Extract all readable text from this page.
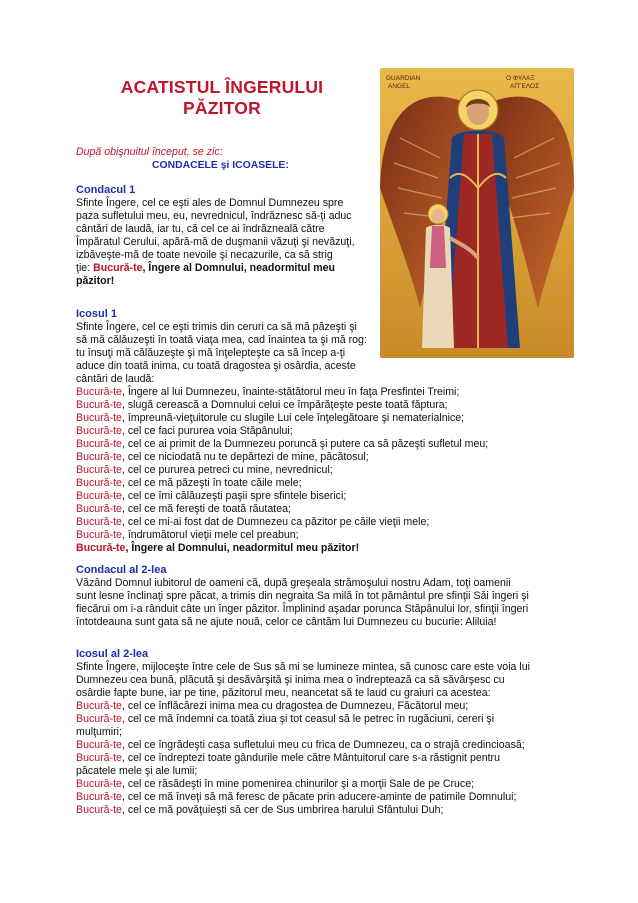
ACATISTUL ÎNGERULUI
PĂZITOR
GUARDIAN
ANGEL
Ο ΦΥΛΑΞ
ΑΓΓΕΛΟΣ
După obişnuitul început, se zic:
CONDACELE şi ICOASELE:

Condacul 1

Sfinte Îngere, cel ce eşti ales de Domnul Dumnezeu spre
paza sufletului meu, eu, nevrednicul, îndrăznesc să-ţi aduc
cântări de laudă, iar tu, că cel ce ai îndrăzneală către
Împăratul Cerului, apără-mă de duşmanii văzuţi şi nevăzuţi,
izbăveşte-mă de toate nevoile şi necazurile, ca să strig
ţie: Bucură-te, Îngere al Domnului, neadormitul meu
păzitor!

Icosul 1

Sfinte Îngere, cel ce eşti trimis din ceruri ca să mă păzeşti şi
să mă călăuzeşti în toată viaţa mea, cad înaintea ta şi mă rog:
tu însuţi mă călăuzeşte şi mă înţelepteşte ca să încep a-ţi
aduce din toată inima, cu toată dragostea şi osârdia, aceste
cântări de laudă:
Bucură-te, Îngere al lui Dumnezeu, înainte-stătătorul meu în faţa Presfintei Treimi;
Bucură-te, slugă cerească a Domnului celui ce împărăţeşte peste toată făptura;
Bucură-te, împreună-vieţuitorule cu slugile Lui cele înţelegătoare şi nematerialnice;
Bucură-te, cel ce faci pururea voia Stăpânului;
Bucură-te, cel ce ai primit de la Dumnezeu poruncă şi putere ca să păzeşti sufletul meu;
Bucură-te, cel ce niciodată nu te depărtezi de mine, păcătosul;
Bucură-te, cel ce pururea petreci cu mine, nevrednicul;
Bucură-te, cel ce mă păzeşti în toate căile mele;
Bucură-te, cel ce îmi călăuzeşti paşii spre sfintele biserici;
Bucură-te, cel ce mă fereşti de toată răutatea;
Bucură-te, cel ce mi-ai fost dat de Dumnezeu ca păzitor pe căile vieţii mele;
Bucură-te, îndrumătorul vieţii mele cel preabun;
Bucură-te, Îngere al Domnului, neadormitul meu păzitor!

Condacul al 2-lea

Văzând Domnul iubitorul de oameni că, după greşeala strămoşului nostru Adam, toţi oamenii
sunt lesne înclinaţi spre păcat, a trimis din negraita Sa milă în tot pământul pre sfinţii Săi îngeri şi
fiecărui om i-a rânduit câte un înger păzitor. Împlinind aşadar porunca Stăpânului lor, sfinţii îngeri
întotdeauna sunt gata să ne ajute nouă, celor ce cântăm lui Dumnezeu cu bucurie: Aliluia!

Icosul al 2-lea

Sfinte Îngere, mijloceşte între cele de Sus să mi se lumineze mintea, să cunosc care este voia lui
Dumnezeu cea bună, plăcută şi desăvârşită şi inima mea o îndreptează ca să săvârşesc cu
osârdie fapte bune, iar pe tine, păzitorul meu, neancetat să te laud cu graiuri ca acestea:
Bucură-te, cel ce înflăcărezi inima mea cu dragostea de Dumnezeu, Făcătorul meu;
Bucură-te, cel ce mă îndemni ca toată ziua şi tot ceasul să le petrec în rugăciuni, cereri şi
mulţumiri;
Bucură-te, cel ce îngrădeşti casa sufletului meu cu frica de Dumnezeu, ca o strajă credincioasă;
Bucură-te, cel ce îndreptezi toate gândurile mele către Mântuitorul care s-a răstignit pentru
păcatele mele şi ale lumii;
Bucură-te, cel ce răsădeşti în mine pomenirea chinurilor şi a morţii Sale de pe Cruce;
Bucură-te, cel ce mă înveţi să mă feresc de păcate prin aducere-aminte de patimile Domnului;
Bucură-te, cel ce mă povăţuieşti să cer de Sus umbrirea harului Sfântului Duh;
